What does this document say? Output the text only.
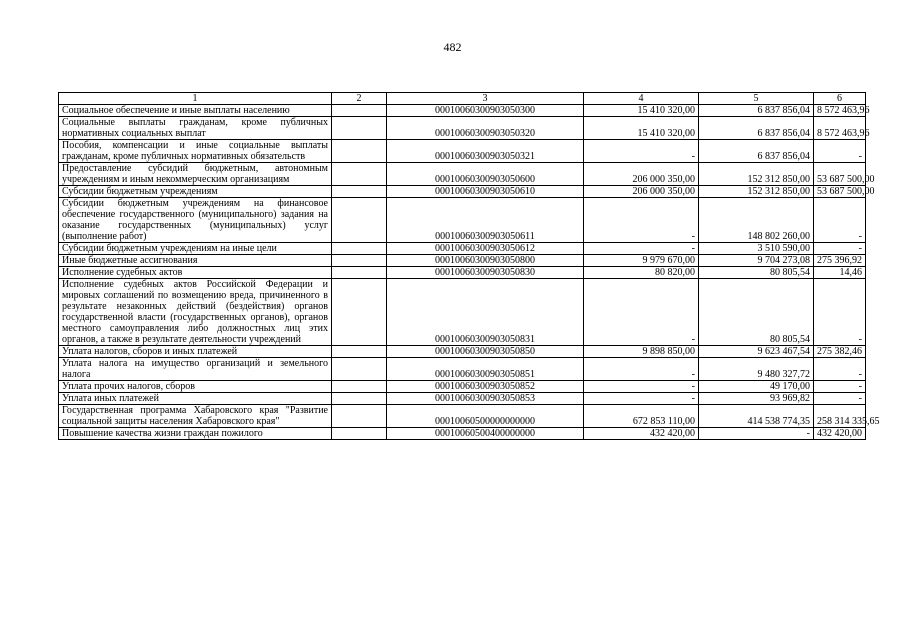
482
1	2	3	4	5	6
Социальное обеспечение и иные выплаты населению		00010060300903050300	15 410 320,00	6 837 856,04	8 572 463,96
Социальные выплаты гражданам, кроме публичных нормативных социальных выплат		00010060300903050320	15 410 320,00	6 837 856,04	8 572 463,96
Пособия, компенсации и иные социальные выплаты гражданам, кроме публичных нормативных обязательств		00010060300903050321	-	6 837 856,04	-
Предоставление субсидий бюджетным, автономным учреждениям и иным некоммерческим организациям		00010060300903050600	206 000 350,00	152 312 850,00	53 687 500,00
Субсидии бюджетным учреждениям		00010060300903050610	206 000 350,00	152 312 850,00	53 687 500,00
Субсидии бюджетным учреждениям на финансовое обеспечение государственного (муниципального) задания на оказание государственных (муниципальных) услуг (выполнение работ)		00010060300903050611	-	148 802 260,00	-
Субсидии бюджетным учреждениям на иные цели		00010060300903050612	-	3 510 590,00	-
Иные бюджетные ассигнования		00010060300903050800	9 979 670,00	9 704 273,08	275 396,92
Исполнение судебных актов		00010060300903050830	80 820,00	80 805,54	14,46
Исполнение судебных актов Российской Федерации и мировых соглашений по возмещению вреда, причиненного в результате незаконных действий (бездействия) органов государственной власти (государственных органов), органов местного самоуправления либо должностных лиц этих органов, а также в результате деятельности учреждений		00010060300903050831	-	80 805,54	-
Уплата налогов, сборов и иных платежей		00010060300903050850	9 898 850,00	9 623 467,54	275 382,46
Уплата налога на имущество организаций и земельного налога		00010060300903050851	-	9 480 327,72	-
Уплата прочих налогов, сборов		00010060300903050852	-	49 170,00	-
Уплата иных платежей		00010060300903050853	-	93 969,82	-
Государственная программа Хабаровского края "Развитие социальной защиты населения Хабаровского края"		00010060500000000000	672 853 110,00	414 538 774,35	258 314 335,65
Повышение качества жизни граждан пожилого		00010060500400000000	432 420,00	-	432 420,00
